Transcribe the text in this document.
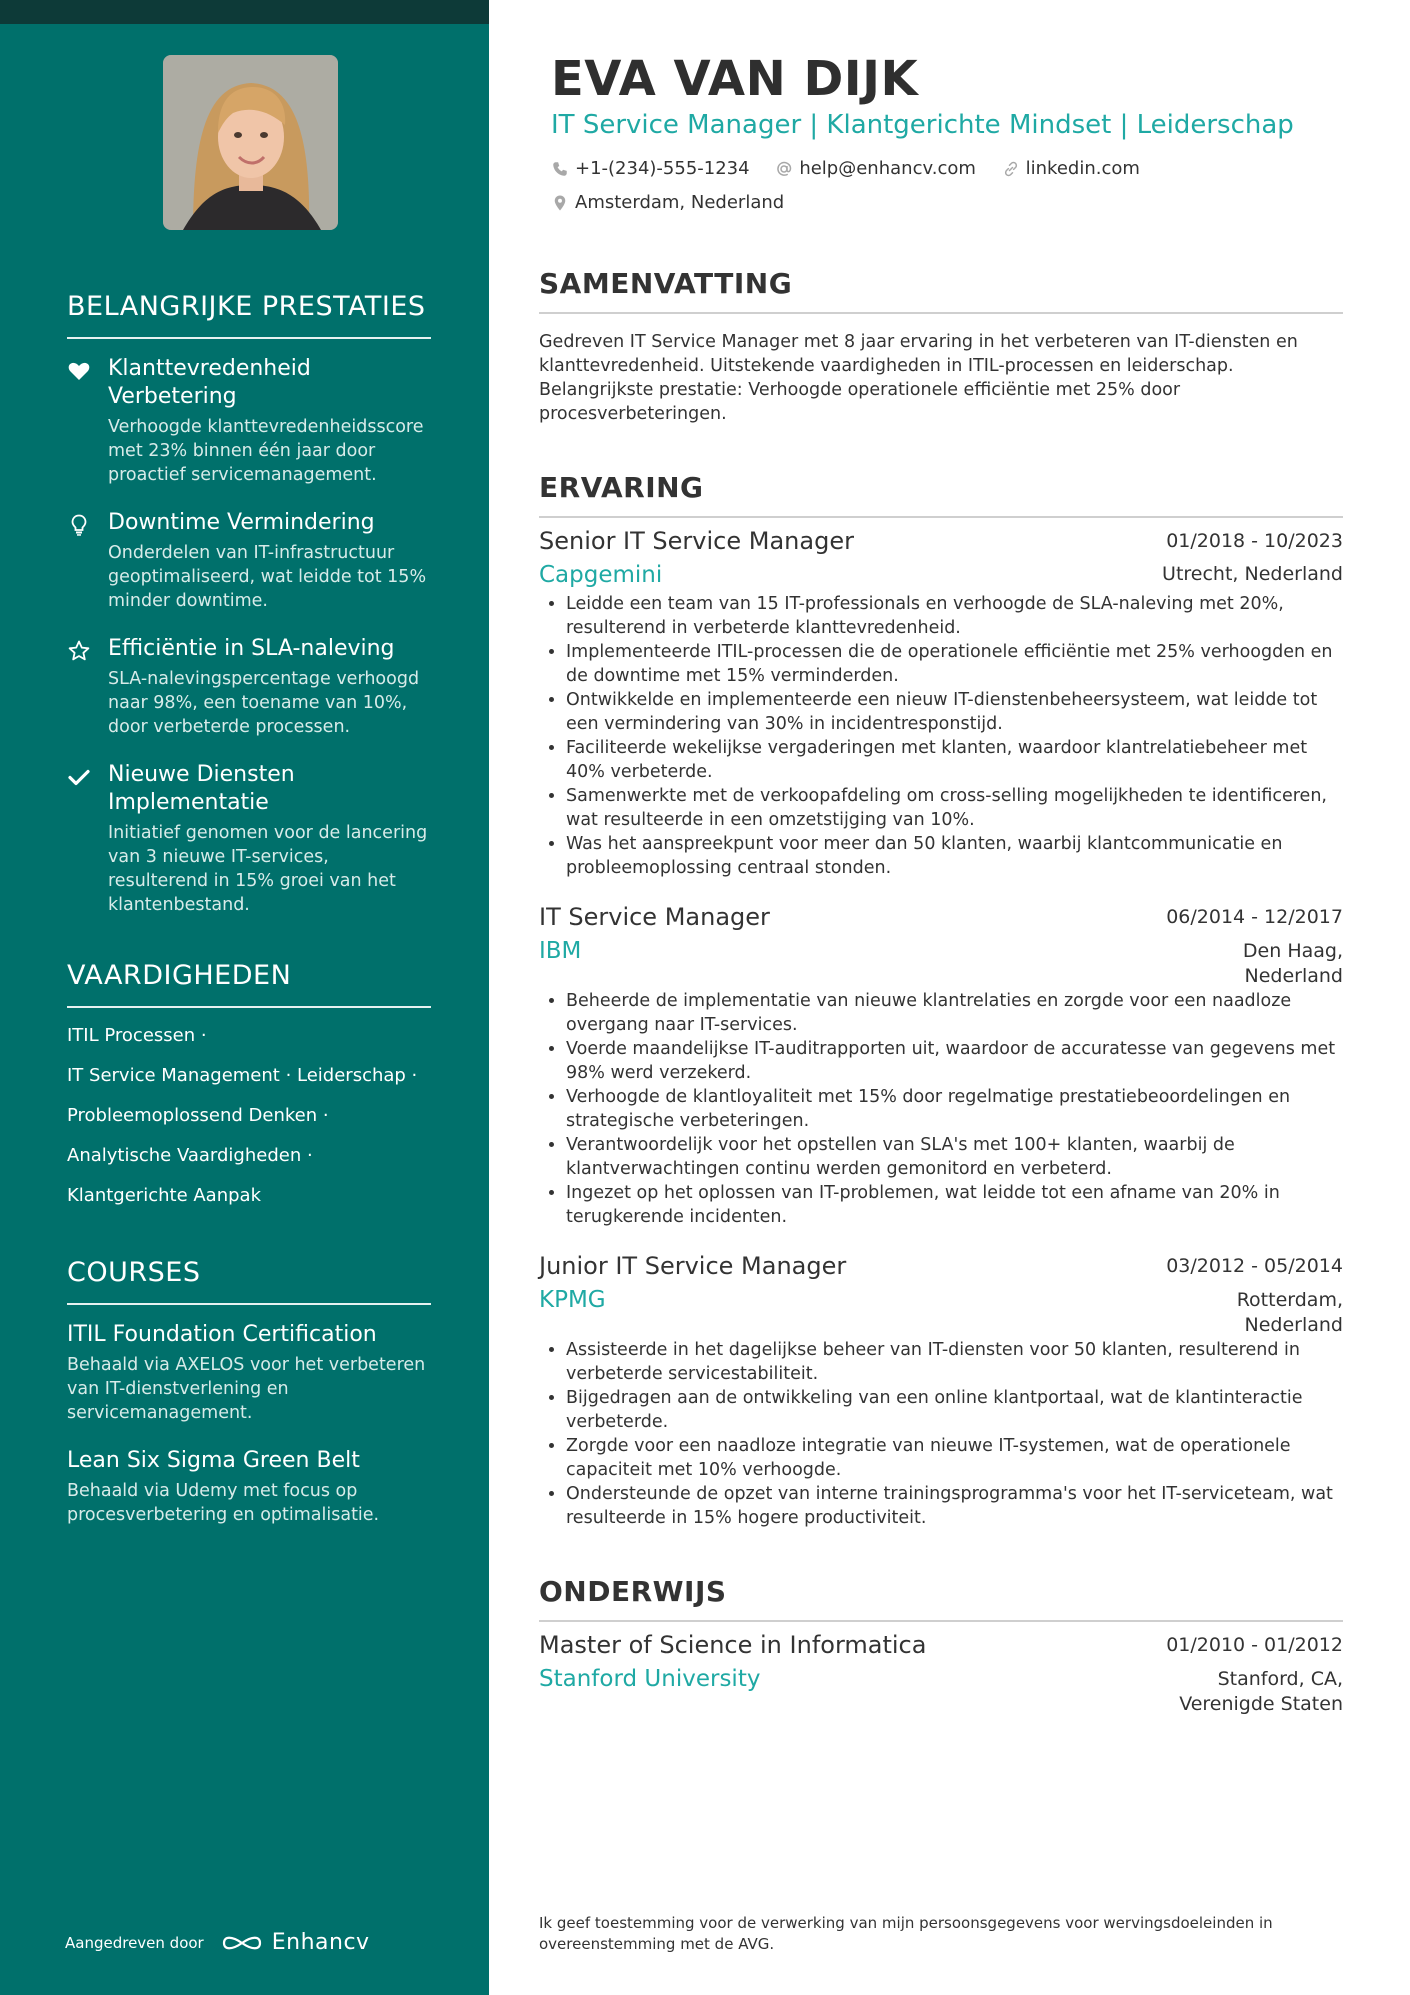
BELANGRIJKE PRESTATIES
Klanttevredenheid Verbetering
Verhoogde klanttevredenheidsscore met 23% binnen één jaar door proactief servicemanagement.
Downtime Vermindering
Onderdelen van IT-infrastructuur geoptimaliseerd, wat leidde tot 15% minder downtime.
Efficiëntie in SLA-naleving
SLA-nalevingspercentage verhoogd naar 98%, een toename van 10%, door verbeterde processen.
Nieuwe Diensten Implementatie
Initiatief genomen voor de lancering van 3 nieuwe IT-services, resulterend in 15% groei van het klantenbestand.
VAARDIGHEDEN
ITIL Processen ·
IT Service Management · Leiderschap ·
Probleemoplossend Denken ·
Analytische Vaardigheden ·
Klantgerichte Aanpak
COURSES
ITIL Foundation Certification
Behaald via AXELOS voor het verbeteren van IT-dienstverlening en servicemanagement.
Lean Six Sigma Green Belt
Behaald via Udemy met focus op procesverbetering en optimalisatie.
Aangedreven door	Enhancv
EVA VAN DIJK
IT Service Manager | Klantgerichte Mindset | Leiderschap
+1-(234)-555-1234
	help@enhancv.com
	linkedin.com
Amsterdam, Nederland
SAMENVATTING
Gedreven IT Service Manager met 8 jaar ervaring in het verbeteren van IT-diensten en klanttevredenheid. Uitstekende vaardigheden in ITIL-processen en leiderschap. Belangrijkste prestatie: Verhoogde operationele efficiëntie met 25% door procesverbeteringen.
ERVARING
Senior IT Service Manager	01/2018 - 10/2023
Capgemini	Utrecht, Nederland
• Leidde een team van 15 IT-professionals en verhoogde de SLA-naleving met 20%, resulterend in verbeterde klanttevredenheid.
• Implementeerde ITIL-processen die de operationele efficiëntie met 25% verhoogden en de downtime met 15% verminderden.
• Ontwikkelde en implementeerde een nieuw IT-dienstenbeheersysteem, wat leidde tot een vermindering van 30% in incidentresponstijd.
• Faciliteerde wekelijkse vergaderingen met klanten, waardoor klantrelatiebeheer met 40% verbeterde.
• Samenwerkte met de verkoopafdeling om cross-selling mogelijkheden te identificeren, wat resulteerde in een omzetstijging van 10%.
• Was het aanspreekpunt voor meer dan 50 klanten, waarbij klantcommunicatie en probleemoplossing centraal stonden.
IT Service Manager	06/2014 - 12/2017
IBM	Den Haag,
Nederland
• Beheerde de implementatie van nieuwe klantrelaties en zorgde voor een naadloze overgang naar IT-services.
• Voerde maandelijkse IT-auditrapporten uit, waardoor de accuratesse van gegevens met 98% werd verzekerd.
• Verhoogde de klantloyaliteit met 15% door regelmatige prestatiebeoordelingen en strategische verbeteringen.
• Verantwoordelijk voor het opstellen van SLA's met 100+ klanten, waarbij de klantverwachtingen continu werden gemonitord en verbeterd.
• Ingezet op het oplossen van IT-problemen, wat leidde tot een afname van 20% in terugkerende incidenten.
Junior IT Service Manager	03/2012 - 05/2014
KPMG	Rotterdam,
Nederland
• Assisteerde in het dagelijkse beheer van IT-diensten voor 50 klanten, resulterend in verbeterde servicestabiliteit.
• Bijgedragen aan de ontwikkeling van een online klantportaal, wat de klantinteractie verbeterde.
• Zorgde voor een naadloze integratie van nieuwe IT-systemen, wat de operationele capaciteit met 10% verhoogde.
• Ondersteunde de opzet van interne trainingsprogramma's voor het IT-serviceteam, wat resulteerde in 15% hogere productiviteit.
ONDERWIJS
Master of Science in Informatica	01/2010 - 01/2012
Stanford University	Stanford, CA,
Verenigde Staten
Ik geef toestemming voor de verwerking van mijn persoonsgegevens voor wervingsdoeleinden in overeenstemming met de AVG.
